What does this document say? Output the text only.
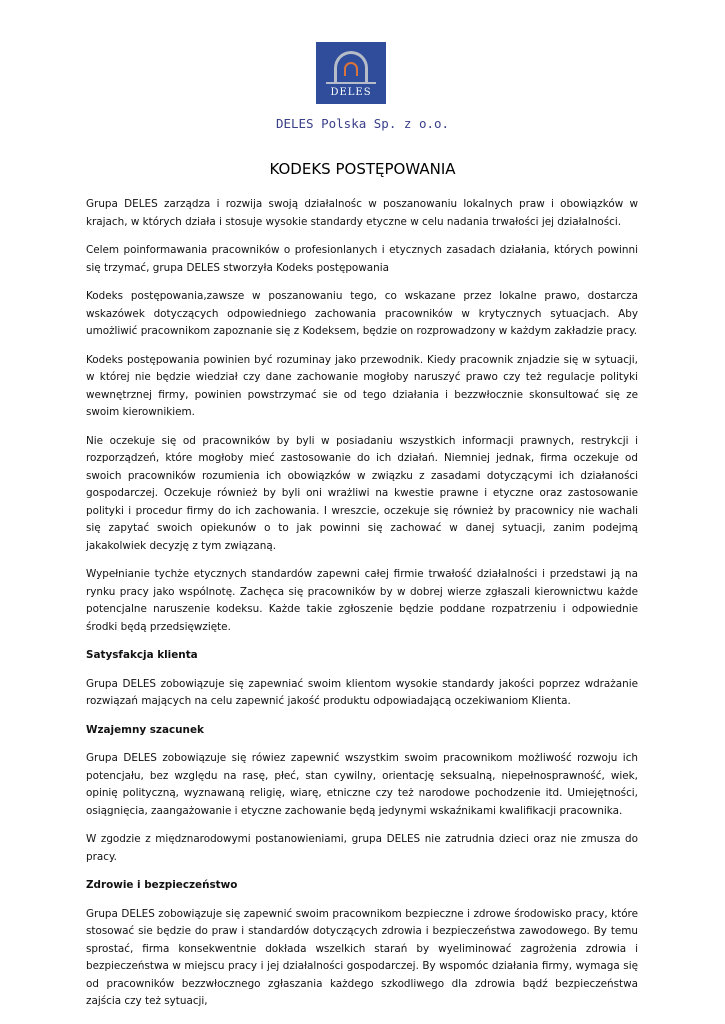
DELES
DELES Polska Sp. z o.o.
KODEKS POSTĘPOWANIA

Grupa DELES zarządza i rozwija swoją działalnośc w poszanowaniu lokalnych praw i obowiązków w krajach, w których działa i stosuje wysokie standardy etyczne w celu nadania trwałości jej działalności.

Celem poinformawania pracowników o profesionlanych i etycznych zasadach działania, których powinni się trzymać, grupa DELES stworzyła Kodeks postępowania

Kodeks postępowania,zawsze w poszanowaniu tego, co wskazane przez lokalne prawo, dostarcza wskazówek dotyczących odpowiedniego zachowania pracowników w krytycznych sytuacjach. Aby umożliwić pracownikom zapoznanie się z Kodeksem, będzie on rozprowadzony w każdym zakładzie pracy.

Kodeks postępowania powinien być rozuminay jako przewodnik. Kiedy pracownik znjadzie się w sytuacji, w której nie będzie wiedział czy dane zachowanie mogłoby naruszyć prawo czy też regulacje polityki wewnętrznej firmy, powinien powstrzymać sie od tego działania i bezzwłocznie skonsultować się ze swoim kierownikiem.

Nie oczekuje się od pracowników by byli w posiadaniu wszystkich informacji prawnych, restrykcji i rozporządzeń, które mogłoby mieć zastosowanie do ich działań. Niemniej jednak, firma oczekuje od swoich pracowników rozumienia ich obowiązków w związku z zasadami dotyczącymi ich działaności gospodarczej. Oczekuje również by byli oni wrażliwi na kwestie prawne i etyczne oraz zastosowanie polityki i procedur firmy do ich zachowania. I wreszcie, oczekuje się również by pracownicy nie wachali się zapytać swoich opiekunów o to jak powinni się zachować w danej sytuacji, zanim podejmą jakakolwiek decyzję z tym związaną.

Wypełnianie tychże etycznych standardów zapewni całej firmie trwałość działalności i przedstawi ją na rynku pracy jako wspólnotę. Zachęca się pracowników by w dobrej wierze zgłaszali kierownictwu każde potencjalne naruszenie kodeksu. Każde takie zgłoszenie będzie poddane rozpatrzeniu i odpowiednie środki będą przedsięwzięte.

Satysfakcja klienta

Grupa DELES zobowiązuje się zapewniać swoim klientom wysokie standardy jakości poprzez wdrażanie rozwiązań mających na celu zapewnić jakość produktu odpowiadającą oczekiwaniom Klienta.

Wzajemny szacunek

Grupa DELES zobowiązuje się rówiez zapewnić wszystkim swoim pracownikom możliwość rozwoju ich potencjału, bez względu na rasę, płeć, stan cywilny, orientację seksualną, niepełnosprawność, wiek, opinię polityczną, wyznawaną religię, wiarę, etniczne czy też narodowe pochodzenie itd. Umiejętności, osiągnięcia, zaangażowanie i etyczne zachowanie będą jedynymi wskaźnikami kwalifikacji pracownika.

W zgodzie z międznarodowymi postanowieniami, grupa DELES nie zatrudnia dzieci oraz nie zmusza do pracy.

Zdrowie i bezpieczeństwo

Grupa DELES zobowiązuje się zapewnić swoim pracownikom bezpieczne i zdrowe środowisko pracy, które stosować sie będzie do praw i standardów dotyczących zdrowia i bezpieczeństwa zawodowego. By temu sprostać, firma konsekwentnie dokłada wszelkich starań by wyeliminować zagrożenia zdrowia i bezpieczeństwa w miejscu pracy i jej działalności gospodarczej. By wspomóc działania firmy, wymaga się od pracowników bezzwłocznego zgłaszania każdego szkodliwego dla zdrowia bądź bezpieczeństwa zajścia czy też sytuacji,
